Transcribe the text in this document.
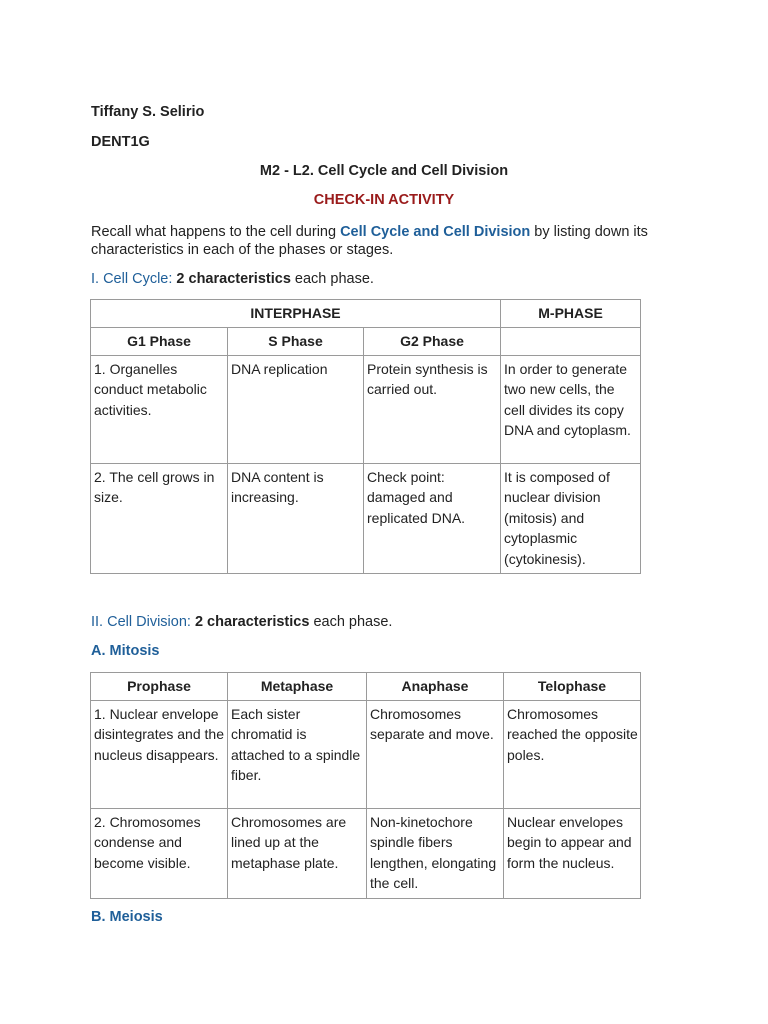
Tiffany S. Selirio
DENT1G
M2 - L2. Cell Cycle and Cell Division
CHECK-IN ACTIVITY
Recall what happens to the cell during Cell Cycle and Cell Division by listing down its characteristics in each of the phases or stages.
I. Cell Cycle: 2 characteristics each phase.
INTERPHASE			M-PHASE
G1 Phase	S Phase	G2 Phase	
1. Organelles conduct metabolic activities.	DNA replication	Protein synthesis is carried out.	In order to generate two new cells, the cell divides its copy DNA and cytoplasm.
2. The cell grows in size.	DNA content is increasing.	Check point: damaged and replicated DNA.	It is composed of nuclear division (mitosis) and cytoplasmic (cytokinesis).
II. Cell Division: 2 characteristics each phase.
A. Mitosis
Prophase	Metaphase	Anaphase	Telophase
1. Nuclear envelope disintegrates and the nucleus disappears.	Each sister chromatid is attached to a spindle fiber.	Chromosomes separate and move.	Chromosomes reached the opposite poles.
2. Chromosomes condense and become visible.	Chromosomes are lined up at the metaphase plate.	Non-kinetochore spindle fibers lengthen, elongating the cell.	Nuclear envelopes begin to appear and form the nucleus.
B. Meiosis
